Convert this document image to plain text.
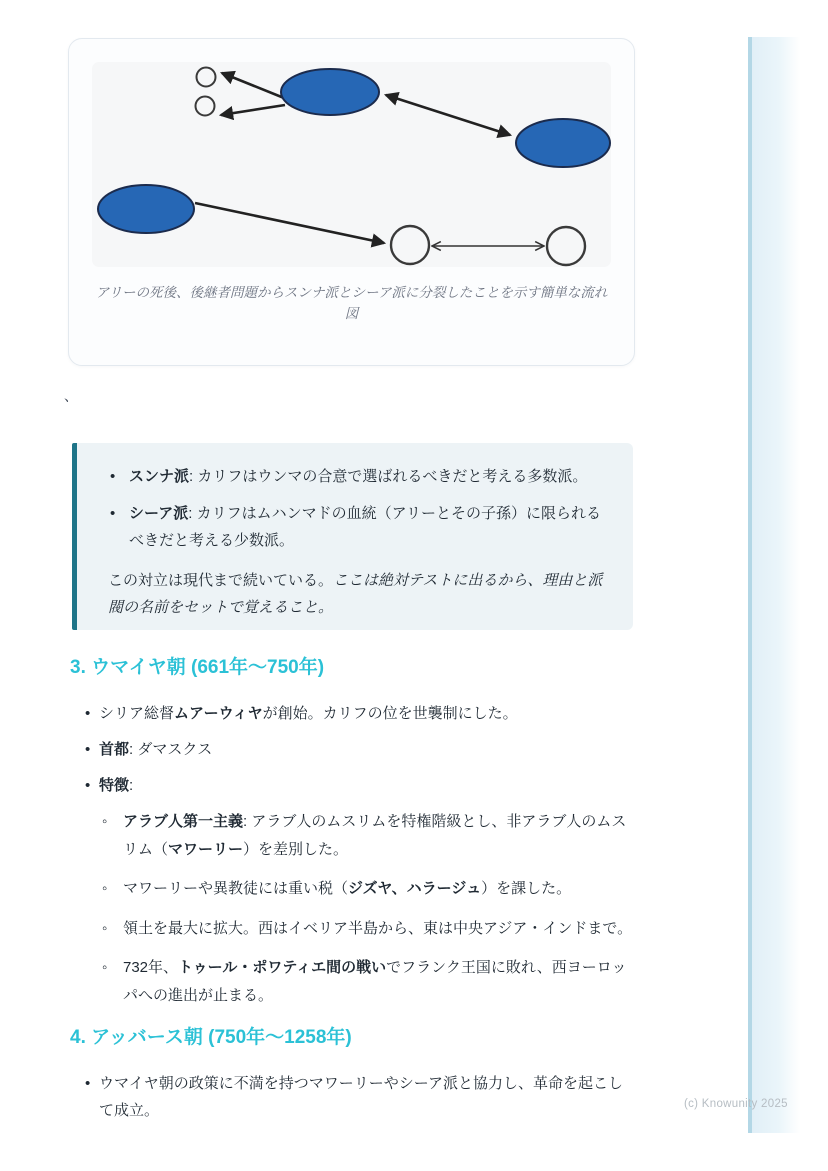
アリーの死後、後継者問題からスンナ派とシーア派に分裂したことを示す簡単な流れ図
、
• スンナ派: カリフはウンマの合意で選ばれるべきだと考える多数派。
• シーア派: カリフはムハンマドの血統（アリーとその子孫）に限られるべきだと考える少数派。
この対立は現代まで続いている。ここは絶対テストに出るから、理由と派閥の名前をセットで覚えること。
3. ウマイヤ朝 (661年〜750年)
• シリア総督ムアーウィヤが創始。カリフの位を世襲制にした。
• 首都: ダマスクス
• 特徴:
◦ アラブ人第一主義: アラブ人のムスリムを特権階級とし、非アラブ人のムスリム（マワーリー）を差別した。
◦ マワーリーや異教徒には重い税（ジズヤ、ハラージュ）を課した。
◦ 領土を最大に拡大。西はイベリア半島から、東は中央アジア・インドまで。
◦ 732年、トゥール・ポワティエ間の戦いでフランク王国に敗れ、西ヨーロッパへの進出が止まる。
4. アッバース朝 (750年〜1258年)
• ウマイヤ朝の政策に不満を持つマワーリーやシーア派と協力し、革命を起こして成立。	(c) Knowunity 2025
